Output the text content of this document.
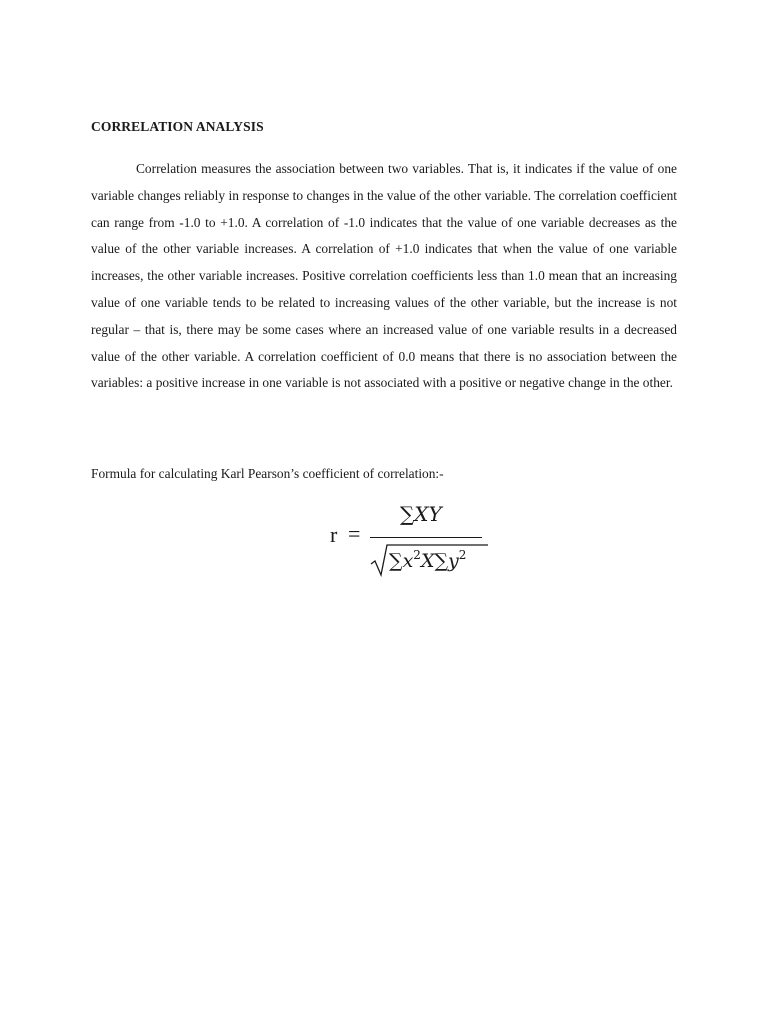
CORRELATION ANALYSIS

Correlation measures the association between two variables. That is, it indicates if the value of one variable changes reliably in response to changes in the value of the other variable. The correlation coefficient can range from -1.0 to +1.0. A correlation of -1.0 indicates that the value of one variable decreases as the value of the other variable increases. A correlation of +1.0 indicates that when the value of one variable increases, the other variable increases. Positive correlation coefficients less than 1.0 mean that an increasing value of one variable tends to be related to increasing values of the other variable, but the increase is not regular – that is, there may be some cases where an increased value of one variable results in a decreased value of the other variable. A correlation coefficient of 0.0 means that there is no association between the variables: a positive increase in one variable is not associated with a positive or negative change in the other.

Formula for calculating Karl Pearson’s coefficient of correlation:-
r =
∑XY
$\sum x^2X\sum y^2$
